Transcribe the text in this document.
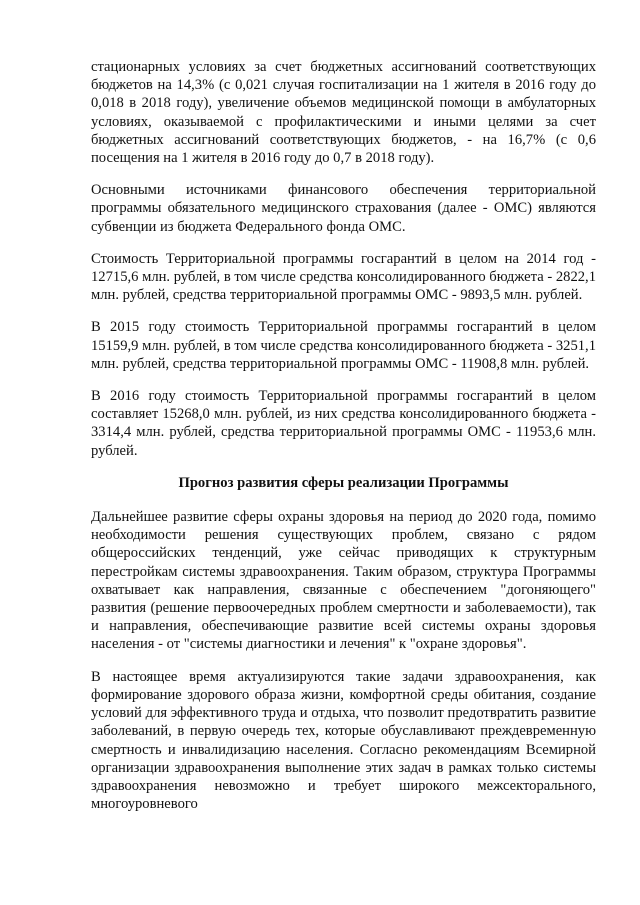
стационарных условиях за счет бюджетных ассигнований соответствующих бюджетов на 14,3% (с 0,021 случая госпитализации на 1 жителя в 2016 году до 0,018 в 2018 году), увеличение объемов медицинской помощи в амбулаторных условиях, оказываемой с профилактическими и иными целями за счет бюджетных ассигнований соответствующих бюджетов, - на 16,7% (с 0,6 посещения на 1 жителя в 2016 году до 0,7 в 2018 году).

Основными источниками финансового обеспечения территориальной программы обязательного медицинского страхования (далее - ОМС) являются субвенции из бюджета Федерального фонда ОМС.

Стоимость Территориальной программы госгарантий в целом на 2014 год - 12715,6 млн. рублей, в том числе средства консолидированного бюджета - 2822,1 млн. рублей, средства территориальной программы ОМС - 9893,5 млн. рублей.

В 2015 году стоимость Территориальной программы госгарантий в целом 15159,9 млн. рублей, в том числе средства консолидированного бюджета - 3251,1 млн. рублей, средства территориальной программы ОМС - 11908,8 млн. рублей.

В 2016 году стоимость Территориальной программы госгарантий в целом составляет 15268,0 млн. рублей, из них средства консолидированного бюджета - 3314,4 млн. рублей, средства территориальной программы ОМС - 11953,6 млн. рублей.

Прогноз развития сферы реализации Программы

Дальнейшее развитие сферы охраны здоровья на период до 2020 года, помимо необходимости решения существующих проблем, связано с рядом общероссийских тенденций, уже сейчас приводящих к структурным перестройкам системы здравоохранения. Таким образом, структура Программы охватывает как направления, связанные с обеспечением "догоняющего" развития (решение первоочередных проблем смертности и заболеваемости), так и направления, обеспечивающие развитие всей системы охраны здоровья населения - от "системы диагностики и лечения" к "охране здоровья".

В настоящее время актуализируются такие задачи здравоохранения, как формирование здорового образа жизни, комфортной среды обитания, создание условий для эффективного труда и отдыха, что позволит предотвратить развитие заболеваний, в первую очередь тех, которые обуславливают преждевременную смертность и инвалидизацию населения. Согласно рекомендациям Всемирной организации здравоохранения выполнение этих задач в рамках только системы здравоохранения невозможно и требует широкого межсекторального, многоуровневого
